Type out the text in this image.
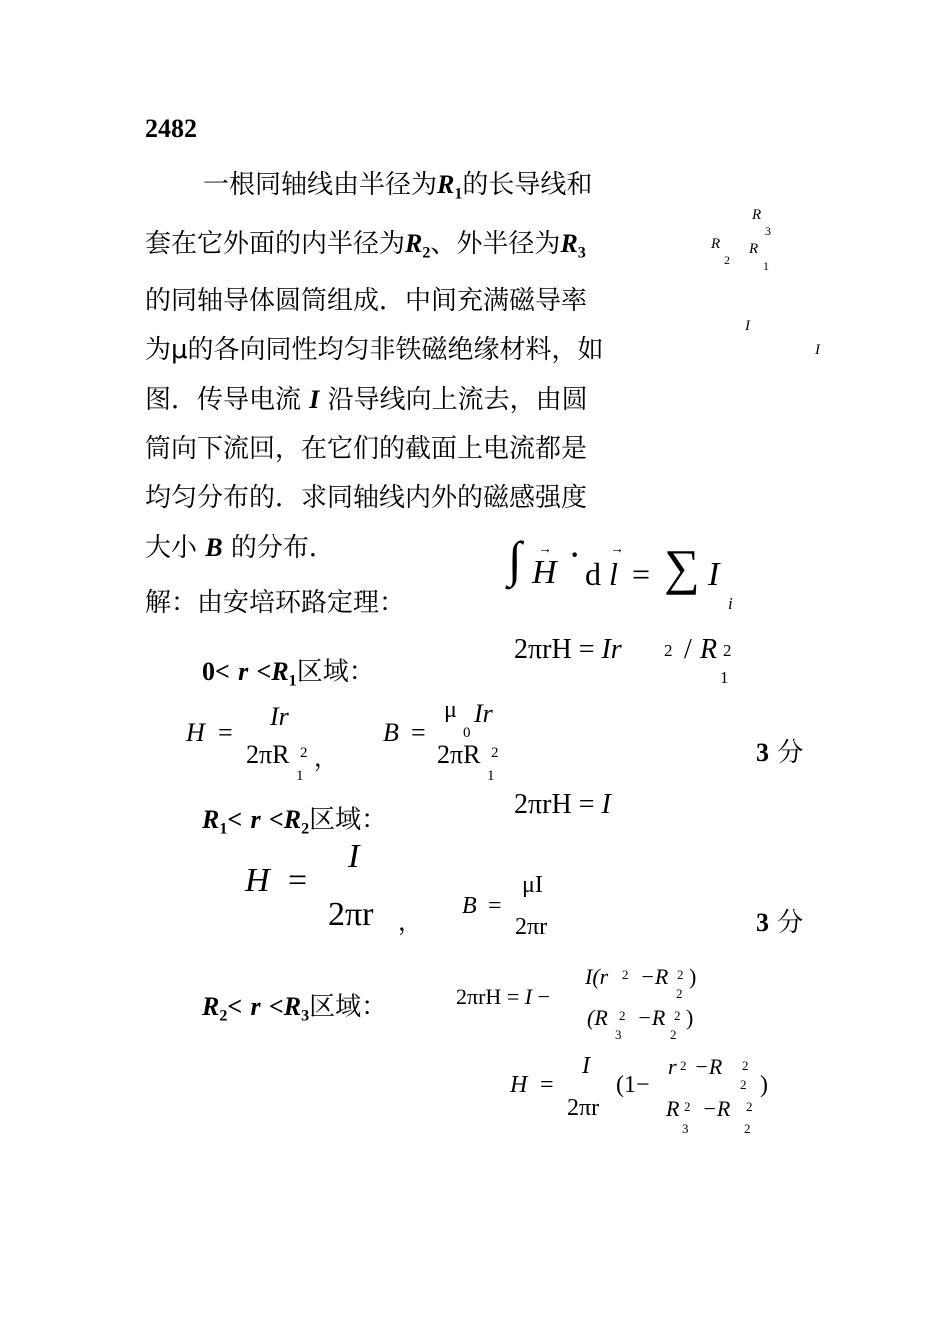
2482
一根同轴线由半径为$R_1$的长导线和
套在它外面的内半径为$R_2$、外半径为$R_3$
的同轴导体圆筒组成．中间充满磁导率
为μ的各向同性均匀非铁磁绝缘材料，如
图．传导电流 I 沿导线向上流去，由圆
筒向下流回，在它们的截面上电流都是
均匀分布的．求同轴线内外的磁感强度
大小 B 的分布．
R
3
R
2
R
1
I
I
解：由安培环路定理：
∫ H
→ ·
d l
→
= ∑ I
i
$0< r <R_1$区域：
2πrH = Ir 2 / R 2
1
H =
Ir
2πR 2
1
，
B =
μ
0
Ir
2πR 2
1
3 分
$R_1< r <R_2$区域：	2πrH = I
H =
I
2πr ，
B =
μI
2πr	3 分
$R_2< r <R_3$区域：	2πrH = I −
I(r 2 −R 2 )
2
(R 2
3
−R 2
2
)
H =
I
2πr
(1−
r 2 −R 2
2 )
R 2
3
−R 2
2
